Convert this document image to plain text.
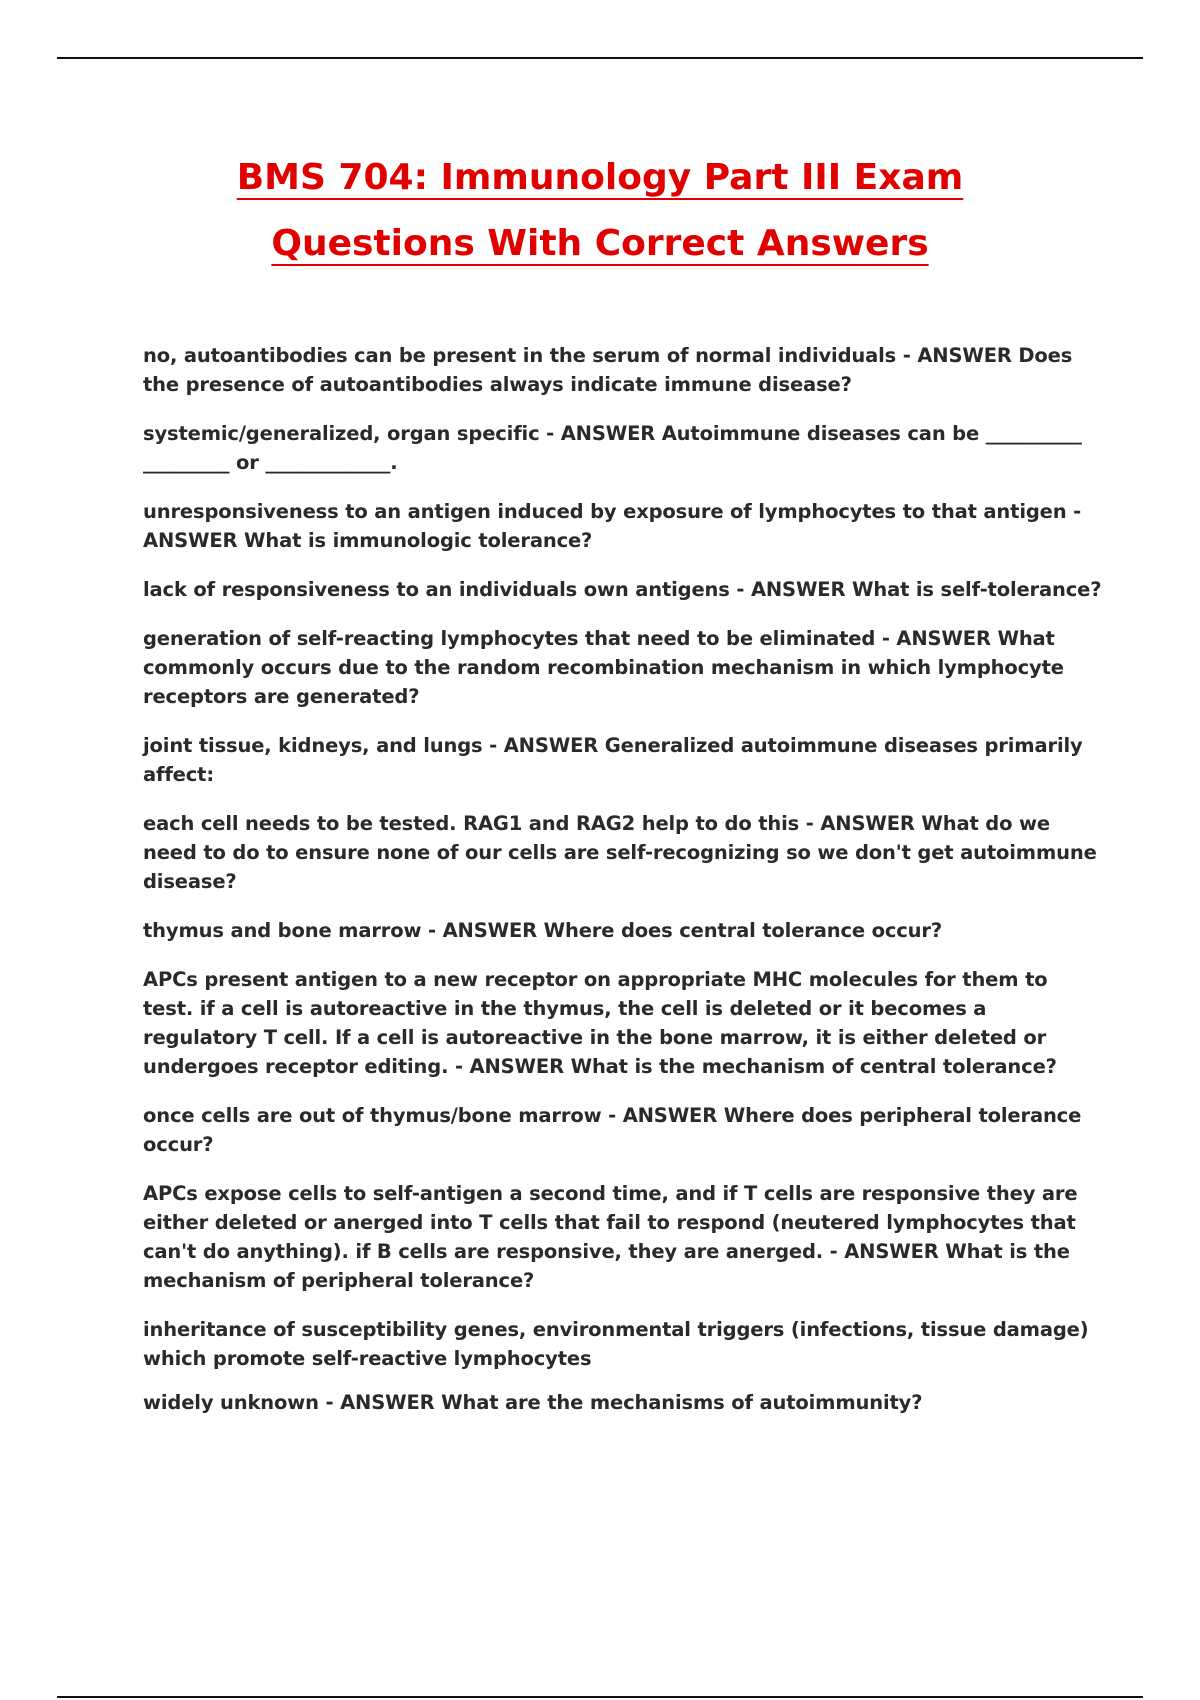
BMS 704: Immunology Part III Exam
Questions With Correct Answers

no, autoantibodies can be present in the serum of normal individuals - ANSWER Does the presence of autoantibodies always indicate immune disease?

systemic/generalized, organ specific - ANSWER Autoimmune diseases can be __________ _________ or _____________.

unresponsiveness to an antigen induced by exposure of lymphocytes to that antigen - ANSWER What is immunologic tolerance?

lack of responsiveness to an individuals own antigens - ANSWER What is self-tolerance?

generation of self-reacting lymphocytes that need to be eliminated - ANSWER What commonly occurs due to the random recombination mechanism in which lymphocyte receptors are generated?

joint tissue, kidneys, and lungs - ANSWER Generalized autoimmune diseases primarily affect:

each cell needs to be tested. RAG1 and RAG2 help to do this - ANSWER What do we need to do to ensure none of our cells are self-recognizing so we don't get autoimmune disease?

thymus and bone marrow - ANSWER Where does central tolerance occur?

APCs present antigen to a new receptor on appropriate MHC molecules for them to test. if a cell is autoreactive in the thymus, the cell is deleted or it becomes a regulatory T cell. If a cell is autoreactive in the bone marrow, it is either deleted or undergoes receptor editing. - ANSWER What is the mechanism of central tolerance?

once cells are out of thymus/bone marrow - ANSWER Where does peripheral tolerance occur?

APCs expose cells to self-antigen a second time, and if T cells are responsive they are either deleted or anerged into T cells that fail to respond (neutered lymphocytes that can't do anything). if B cells are responsive, they are anerged. - ANSWER What is the mechanism of peripheral tolerance?

inheritance of susceptibility genes, environmental triggers (infections, tissue damage) which promote self-reactive lymphocytes

widely unknown - ANSWER What are the mechanisms of autoimmunity?
